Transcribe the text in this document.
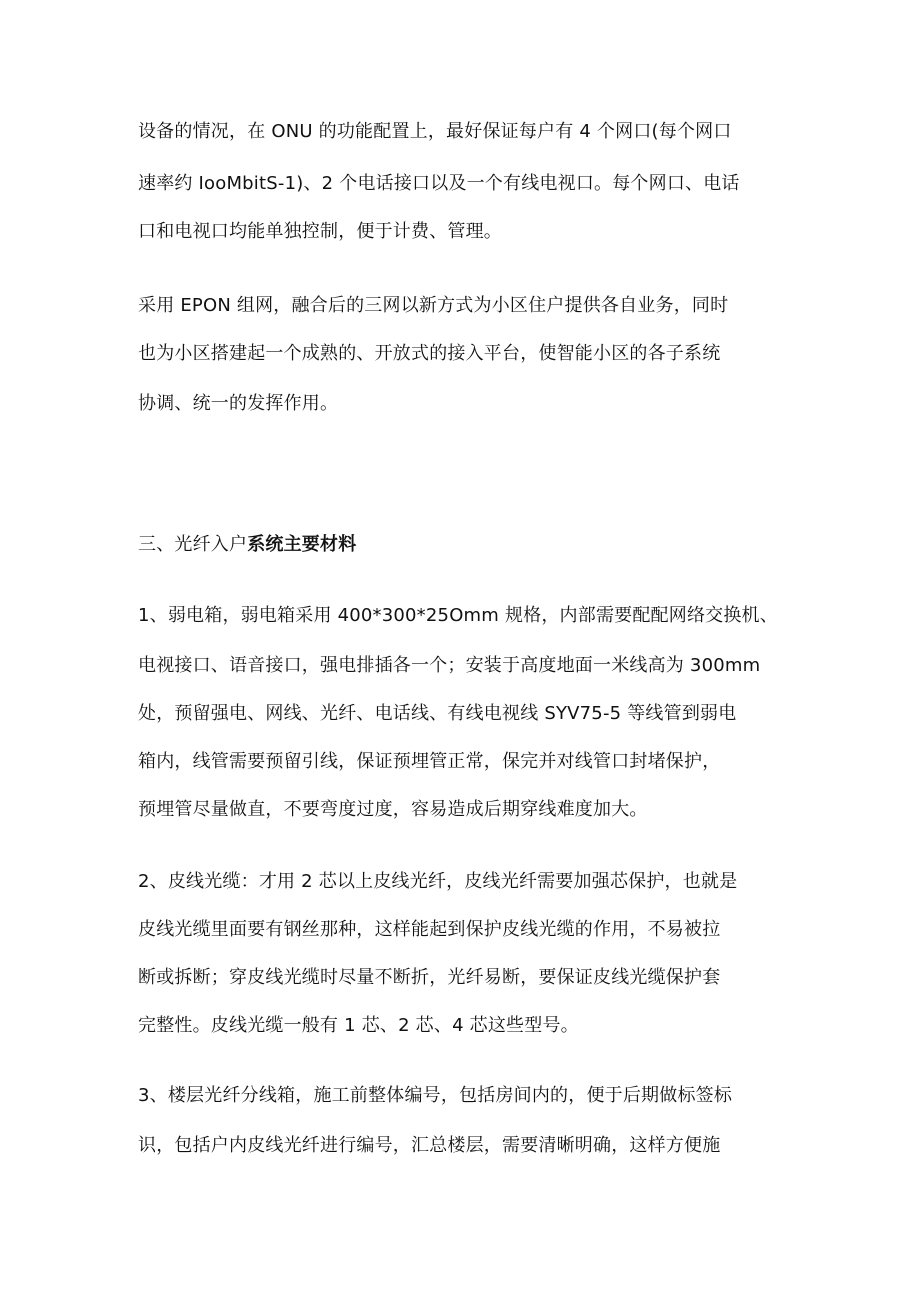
设备的情况，在 ONU 的功能配置上，最好保证每户有 4 个网口(每个网口
速率约 IooMbitS-1)、2 个电话接口以及一个有线电视口。每个网口、电话
口和电视口均能单独控制，便于计费、管理。
采用 EPON 组网，融合后的三网以新方式为小区住户提供各自业务，同时
也为小区搭建起一个成熟的、开放式的接入平台，使智能小区的各子系统
协调、统一的发挥作用。
三、光纤入户系统主要材料
1、弱电箱，弱电箱采用 400*300*25Omm 规格，内部需要配配网络交换机、
电视接口、语音接口，强电排插各一个；安装于高度地面一米线高为 300mm
处，预留强电、网线、光纤、电话线、有线电视线 SYV75-5 等线管到弱电
箱内，线管需要预留引线，保证预埋管正常，保完并对线管口封堵保护，
预埋管尽量做直，不要弯度过度，容易造成后期穿线难度加大。
2、皮线光缆：才用 2 芯以上皮线光纤，皮线光纤需要加强芯保护，也就是
皮线光缆里面要有钢丝那种，这样能起到保护皮线光缆的作用，不易被拉
断或拆断；穿皮线光缆时尽量不断折，光纤易断，要保证皮线光缆保护套
完整性。皮线光缆一般有 1 芯、2 芯、4 芯这些型号。
3、楼层光纤分线箱，施工前整体编号，包括房间内的，便于后期做标签标
识，包括户内皮线光纤进行编号，汇总楼层，需要清晰明确，这样方便施
